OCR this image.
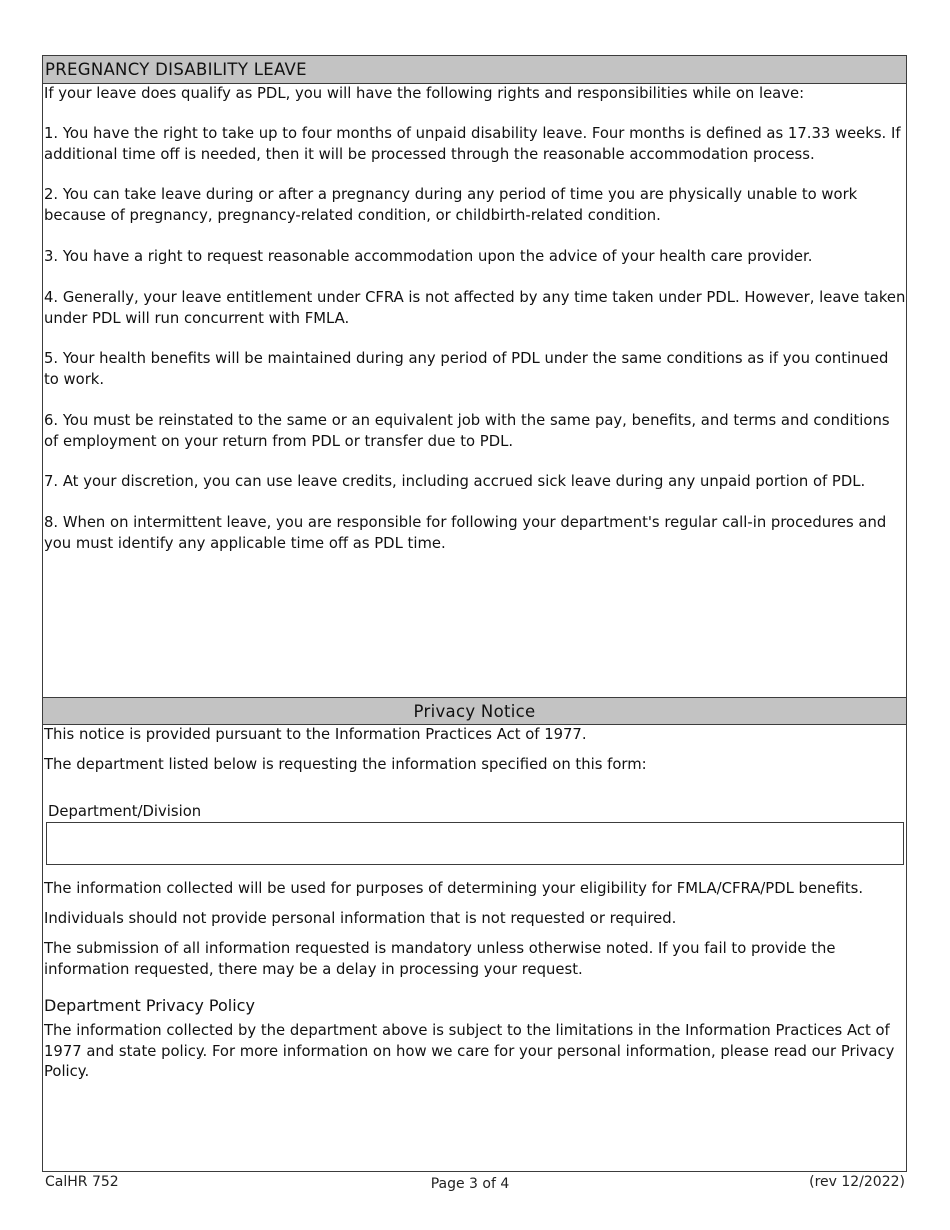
PREGNANCY DISABILITY LEAVE
If your leave does qualify as PDL, you will have the following rights and responsibilities while on leave:
1. You have the right to take up to four months of unpaid disability leave. Four months is defined as 17.33 weeks. If additional time off is needed, then it will be processed through the reasonable accommodation process.
2. You can take leave during or after a pregnancy during any period of time you are physically unable to work because of pregnancy, pregnancy-related condition, or childbirth-related condition.
3. You have a right to request reasonable accommodation upon the advice of your health care provider.
4. Generally, your leave entitlement under CFRA is not affected by any time taken under PDL. However, leave taken under PDL will run concurrent with FMLA.
5. Your health benefits will be maintained during any period of PDL under the same conditions as if you continued to work.
6. You must be reinstated to the same or an equivalent job with the same pay, benefits, and terms and conditions of employment on your return from PDL or transfer due to PDL.
7. At your discretion, you can use leave credits, including accrued sick leave during any unpaid portion of PDL.
8. When on intermittent leave, you are responsible for following your department's regular call-in procedures and you must identify any applicable time off as PDL time.
Privacy Notice
This notice is provided pursuant to the Information Practices Act of 1977.
The department listed below is requesting the information specified on this form:
Department/Division
The information collected will be used for purposes of determining your eligibility for FMLA/CFRA/PDL benefits.
Individuals should not provide personal information that is not requested or required.
The submission of all information requested is mandatory unless otherwise noted. If you fail to provide the information requested, there may be a delay in processing your request.
Department Privacy Policy
The information collected by the department above is subject to the limitations in the Information Practices Act of 1977 and state policy. For more information on how we care for your personal information, please read our Privacy Policy.
CalHR 752	Page 3 of 4	(rev 12/2022)
